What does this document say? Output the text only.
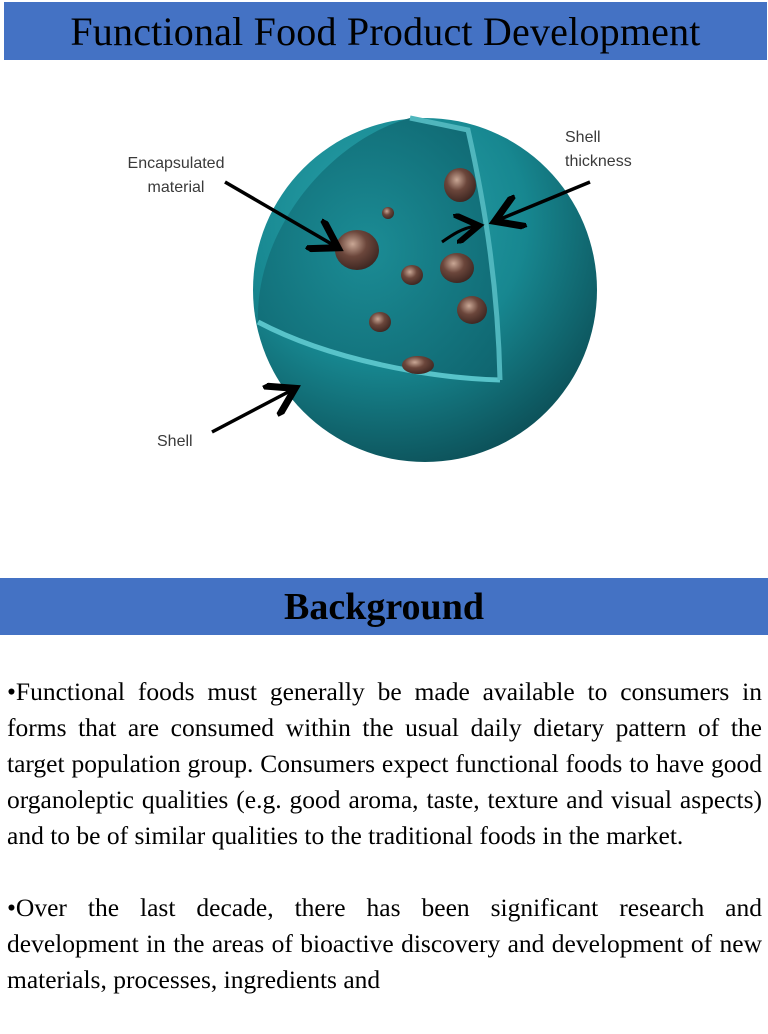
Functional Food Product Development
Encapsulated
material
Shell
thickness
Shell
Background

•Functional foods must generally be made available to consumers in forms that are consumed within the usual daily dietary pattern of the target population group. Consumers expect functional foods to have good organoleptic qualities (e.g. good aroma, taste, texture and visual aspects) and to be of similar qualities to the traditional foods in the market.

•Over the last decade, there has been significant research and development in the areas of bioactive discovery and development of new materials, processes, ingredients and
